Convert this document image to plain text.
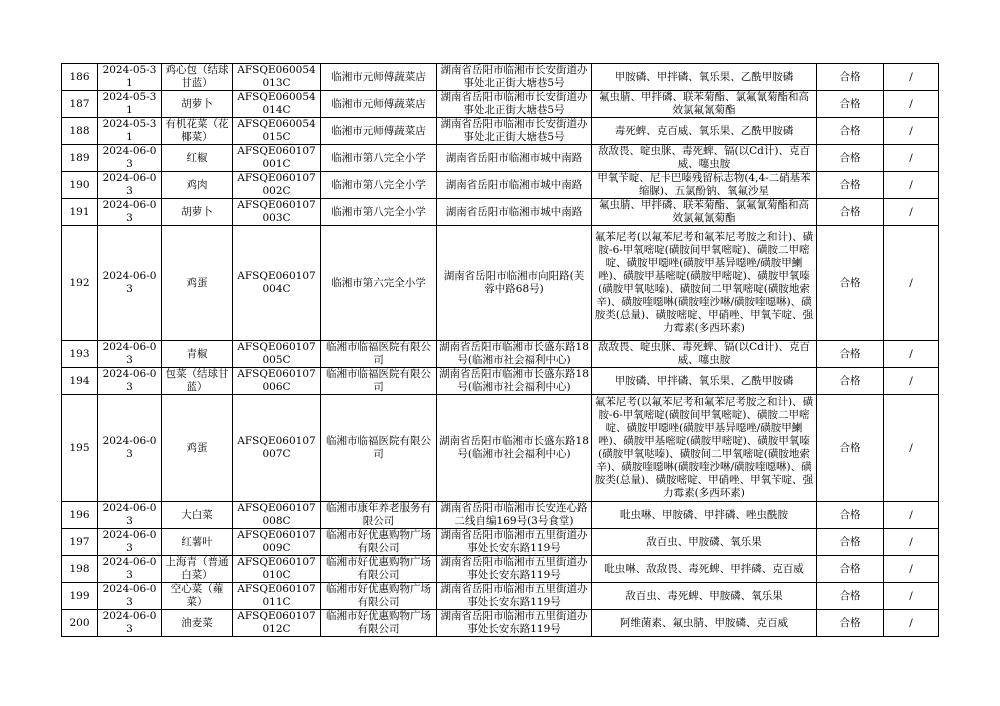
186	2024-05-31	鸡心包（结球甘蓝）	AFSQE060054013C	临湘市元师傅蔬菜店	湖南省岳阳市临湘市长安街道办事处北正街大塘巷5号	甲胺磷、甲拌磷、氧乐果、乙酰甲胺磷	合格	/
187	2024-05-31	胡萝卜	AFSQE060054014C	临湘市元师傅蔬菜店	湖南省岳阳市临湘市长安街道办事处北正街大塘巷5号	氟虫腈、甲拌磷、联苯菊酯、氯氟氰菊酯和高效氯氟氰菊酯	合格	/
188	2024-05-31	有机花菜（花椰菜）	AFSQE060054015C	临湘市元师傅蔬菜店	湖南省岳阳市临湘市长安街道办事处北正街大塘巷5号	毒死蜱、克百威、氧乐果、乙酰甲胺磷	合格	/
189	2024-06-03	红椒	AFSQE060107001C	临湘市第八完全小学	湖南省岳阳市临湘市城中南路	敌敌畏、啶虫脒、毒死蜱、镉(以Cd计)、克百威、噻虫胺	合格	/
190	2024-06-03	鸡肉	AFSQE060107002C	临湘市第八完全小学	湖南省岳阳市临湘市城中南路	甲氧苄啶、尼卡巴嗪残留标志物(4,4-二硝基苯缩脲)、五氯酚钠、氧氟沙星	合格	/
191	2024-06-03	胡萝卜	AFSQE060107003C	临湘市第八完全小学	湖南省岳阳市临湘市城中南路	氟虫腈、甲拌磷、联苯菊酯、氯氟氰菊酯和高效氯氟氰菊酯	合格	/
192	2024-06-03	鸡蛋	AFSQE060107004C	临湘市第六完全小学	湖南省岳阳市临湘市向阳路(芙蓉中路68号)	氟苯尼考(以氟苯尼考和氟苯尼考胺之和计)、磺胺-6-甲氧嘧啶(磺胺间甲氧嘧啶)、磺胺二甲嘧啶、磺胺甲噁唑(磺胺甲基异噁唑/磺胺甲鯻唑)、磺胺甲基嘧啶(磺胺甲嘧啶)、磺胺甲氧嗪(磺胺甲氧哒嗪)、磺胺间二甲氧嘧啶(磺胺地索辛)、磺胺喹噁啉(磺胺喹沙啉/磺胺喹噁啉)、磺胺类(总量)、磺胺嘧啶、甲硝唑、甲氧苄啶、强力霉素(多西环素)	合格	/
193	2024-06-03	青椒	AFSQE060107005C	临湘市临福医院有限公司	湖南省岳阳市临湘市长盛东路18号(临湘市社会福利中心)	敌敌畏、啶虫脒、毒死蜱、镉(以Cd计)、克百威、噻虫胺	合格	/
194	2024-06-03	包菜（结球甘蓝）	AFSQE060107006C	临湘市临福医院有限公司	湖南省岳阳市临湘市长盛东路18号(临湘市社会福利中心)	甲胺磷、甲拌磷、氧乐果、乙酰甲胺磷	合格	/
195	2024-06-03	鸡蛋	AFSQE060107007C	临湘市临福医院有限公司	湖南省岳阳市临湘市长盛东路18号(临湘市社会福利中心)	氟苯尼考(以氟苯尼考和氟苯尼考胺之和计)、磺胺-6-甲氧嘧啶(磺胺间甲氧嘧啶)、磺胺二甲嘧啶、磺胺甲噁唑(磺胺甲基异噁唑/磺胺甲鯻唑)、磺胺甲基嘧啶(磺胺甲嘧啶)、磺胺甲氧嗪(磺胺甲氧哒嗪)、磺胺间二甲氧嘧啶(磺胺地索辛)、磺胺喹噁啉(磺胺喹沙啉/磺胺喹噁啉)、磺胺类(总量)、磺胺嘧啶、甲硝唑、甲氧苄啶、强力霉素(多西环素)	合格	/
196	2024-06-03	大白菜	AFSQE060107008C	临湘市康年养老服务有限公司	湖南省岳阳市临湘市长安连心路二线自编169号(3号食堂)	吡虫啉、甲胺磷、甲拌磷、唑虫酰胺	合格	/
197	2024-06-03	红薯叶	AFSQE060107009C	临湘市好优惠购物广场有限公司	湖南省岳阳市临湘市五里街道办事处长安东路119号	敌百虫、甲胺磷、氧乐果	合格	/
198	2024-06-03	上海青（普通白菜）	AFSQE060107010C	临湘市好优惠购物广场有限公司	湖南省岳阳市临湘市五里街道办事处长安东路119号	吡虫啉、敌敌畏、毒死蜱、甲拌磷、克百威	合格	/
199	2024-06-03	空心菜（蕹菜）	AFSQE060107011C	临湘市好优惠购物广场有限公司	湖南省岳阳市临湘市五里街道办事处长安东路119号	敌百虫、毒死蜱、甲胺磷、氧乐果	合格	/
200	2024-06-03	油麦菜	AFSQE060107012C	临湘市好优惠购物广场有限公司	湖南省岳阳市临湘市五里街道办事处长安东路119号	阿维菌素、氟虫腈、甲胺磷、克百威	合格	/
